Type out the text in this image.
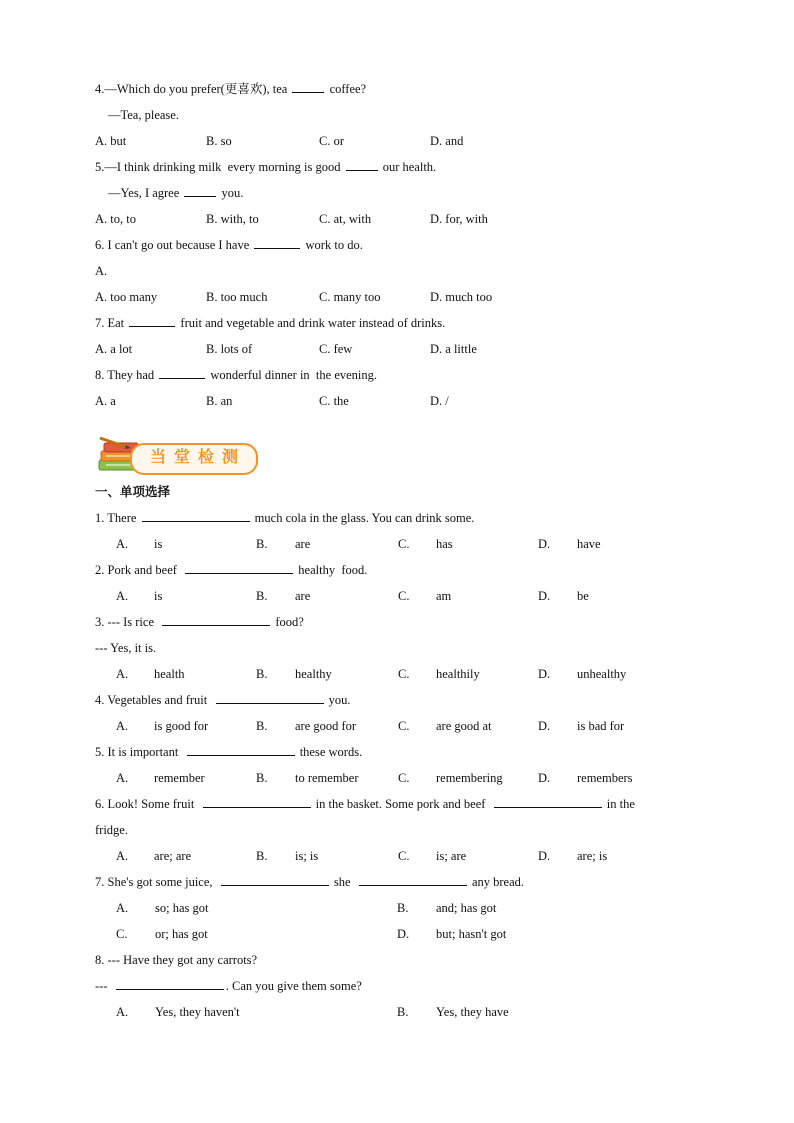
4.—Which do you prefer(更喜欢), tea	coffee?
—Tea, please.
A. but	B. so	C. or	D. and
5.—I think drinking milk  every morning is good	our health.
—Yes, I agree	you.
A. to, to	B. with, to	C. at, with	D. for, with
6. I can't go out because I have	work to do.
A.
A. too many	B. too much	C. many too	D. much too
7. Eat	fruit and vegetable and drink water instead of drinks.
A. a lot	B. lots of	C. few	D. a little
8. They had	wonderful dinner in  the evening.
A. a	B. an	C. the	D. /
当堂检测
一、单项选择
1. There	much cola in the glass. You can drink some.
A. is	B. are	C. has	D. have
2. Pork and beef	healthy  food.
A. is	B. are	C. am	D. be
3. --- Is rice	food?
--- Yes, it is.
A. health	B. healthy	C. healthily	D. unhealthy
4. Vegetables and fruit	you.
A. is good for	B. are good for	C. are good at	D. is bad for
5. It is important	these words.
A. remember	B. to remember	C. remembering	D. remembers
6. Look! Some fruit	in the basket. Some pork and beef	in the
fridge.
A. are; are	B. is; is	C. is; are	D. are; is
7. She's got some juice,	she	any bread.
A. so; has got	B. and; has got
C. or; has got	D. but; hasn't got
8. --- Have they got any carrots?
---	. Can you give them some?
A. Yes, they haven't	B. Yes, they have
